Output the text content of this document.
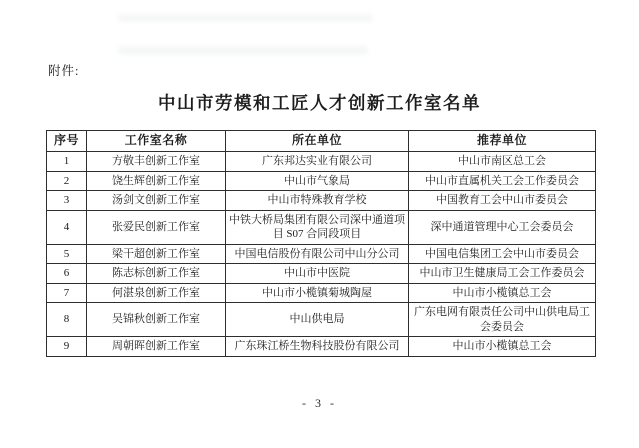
附件:
中山市劳模和工匠人才创新工作室名单
序号	工作室名称	所在单位	推荐单位
1	方敬丰创新工作室	广东邦达实业有限公司	中山市南区总工会
2	饶生辉创新工作室	中山市气象局	中山市直属机关工会工作委员会
3	汤剑文创新工作室	中山市特殊教育学校	中国教育工会中山市委员会
4	张爱民创新工作室	中铁大桥局集团有限公司深中通道项目 S07 合同段项目	深中通道管理中心工会委员会
5	梁干超创新工作室	中国电信股份有限公司中山分公司	中国电信集团工会中山市委员会
6	陈志标创新工作室	中山市中医院	中山市卫生健康局工会工作委员会
7	何湛泉创新工作室	中山市小榄镇菊城陶屋	中山市小榄镇总工会
8	吴锦秋创新工作室	中山供电局	广东电网有限责任公司中山供电局工会委员会
9	周朝晖创新工作室	广东珠江桥生物科技股份有限公司	中山市小榄镇总工会
- 3 -
